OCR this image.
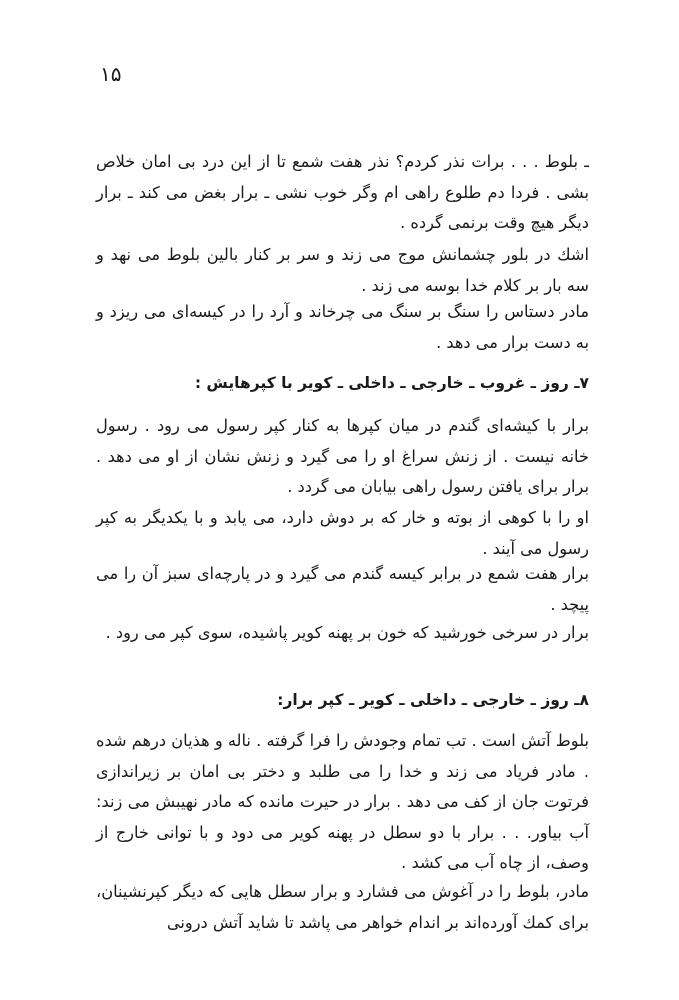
۱۵

ـ بلوط . . . برات نذر کردم؟ نذر هفت شمع تا از این درد بی امان خلاص بشی . فردا دم طلوع راهی ام وگر خوب نشی ـ برار بغض می کند ـ برار دیگر هیچ وقت برنمی گرده .

اشك در بلور چشمانش موج می زند و سر بر کنار بالین بلوط می نهد و سه بار بر کلام خدا بوسه می زند .

مادر دستاس را سنگ بر سنگ می چرخاند و آرد را در کیسه‌ای می ریزد و به دست برار می دهد .

۷ـ روز ـ غروب ـ خارجی ـ داخلی ـ کویر با کپرهایش :

برار با کیشه‌ای گندم در میان کپرها به کنار کپر رسول می رود . رسول خانه نیست . از زنش سراغ او را می گیرد و زنش نشان از او می دهد . برار برای یافتن رسول راهی بیابان می گردد .

او را با کوهی از بوته و خار که بر دوش دارد، می یابد و با یکدیگر به کپر رسول می آیند .

برار هفت شمع در برابر کیسه گندم می گیرد و در پارچه‌ای سبز آن را می پیچد .

برار در سرخی خورشید که خون بر پهنه کویر پاشیده، سوی کپر می رود .

۸ـ روز ـ خارجی ـ داخلی ـ کویر ـ کپر برار:

بلوط آتش است . تب تمام وجودش را فرا گرفته . ناله و هذیان درهم شده . مادر فریاد می زند و خدا را می طلبد و دختر بی امان بر زیراندازی فرتوت جان از کف می دهد . برار در حیرت مانده که مادر نهیبش می زند: آب بیاور. . . برار با دو سطل در پهنه کویر می دود و با توانی خارج از وصف، از چاه آب می کشد .

مادر، بلوط را در آغوش می فشارد و برار سطل هایی که دیگر کپرنشینان، برای کمك آورده‌اند بر اندام خواهر می پاشد تا شاید آتش درونی
